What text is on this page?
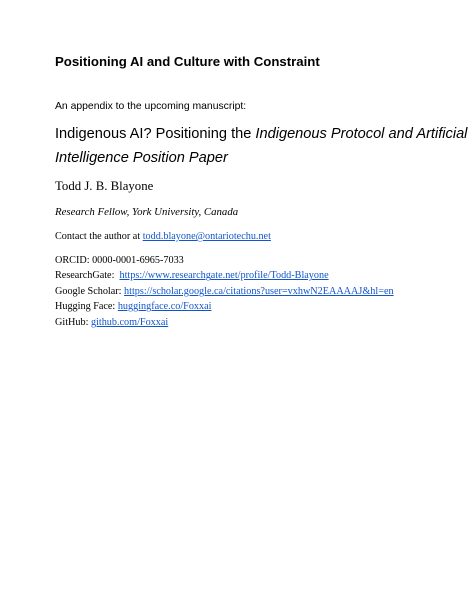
Positioning AI and Culture with Constraint
An appendix to the upcoming manuscript:
Indigenous AI? Positioning the Indigenous Protocol and Artificial
Intelligence Position Paper
Todd J. B. Blayone
Research Fellow, York University, Canada
Contact the author at todd.blayone@ontariotechu.net
ORCID: 0000-0001-6965-7033
ResearchGate:  https://www.researchgate.net/profile/Todd-Blayone
Google Scholar: https://scholar.google.ca/citations?user=vxhwN2EAAAAJ&hl=en
Hugging Face: huggingface.co/Foxxai
GitHub: github.com/Foxxai
